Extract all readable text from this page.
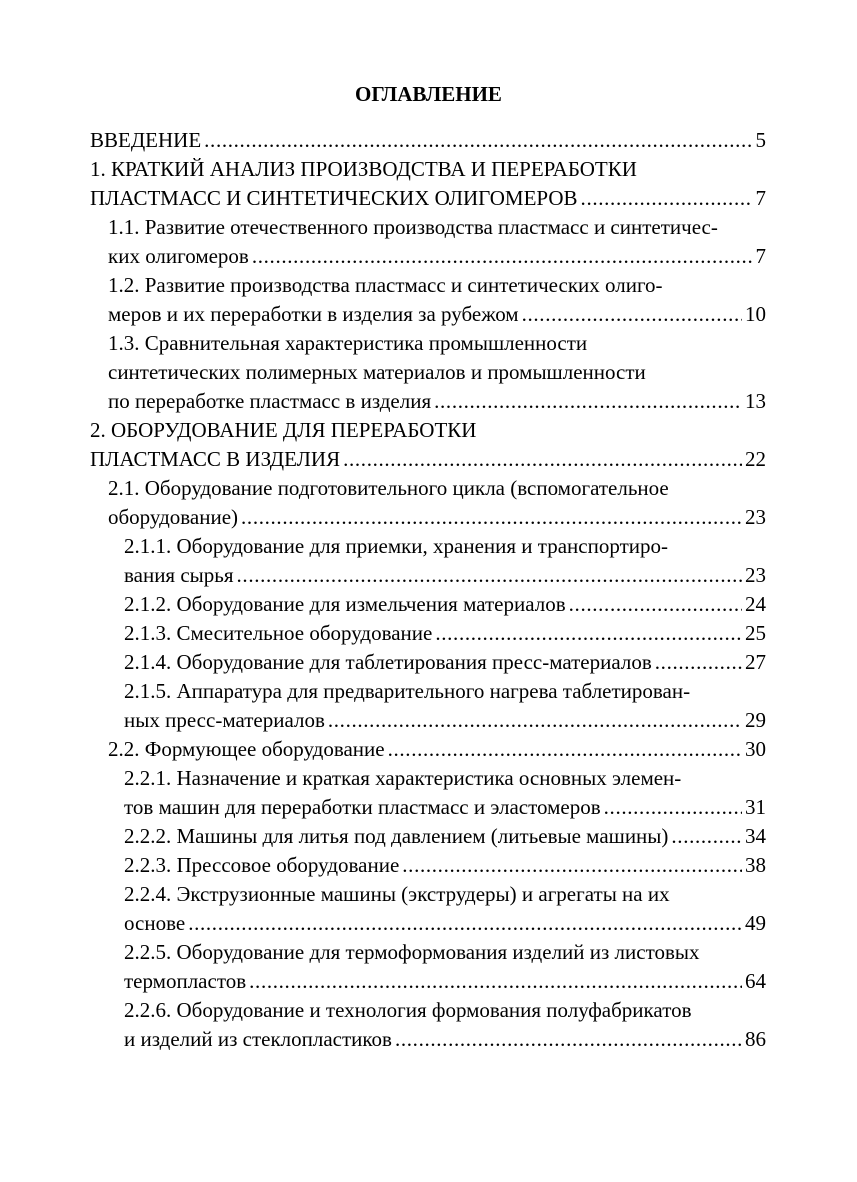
ОГЛАВЛЕНИЕ
ВВЕДЕНИЕ . . .	5
1. КРАТКИЙ АНАЛИЗ ПРОИЗВОДСТВА И ПЕРЕРАБОТКИ
ПЛАСТМАСС И СИНТЕТИЧЕСКИХ ОЛИГОМЕРОВ . . .	7
1.1. Развитие отечественного производства пластмасс и синтетичес-
ких олигомеров . . .	7
1.2. Развитие производства пластмасс и синтетических олиго-
меров и их переработки в изделия за рубежом . . .	10
1.3. Сравнительная характеристика промышленности
синтетических полимерных материалов и промышленности
по переработке пластмасс в изделия . . .	13
2. ОБОРУДОВАНИЕ ДЛЯ ПЕРЕРАБОТКИ
ПЛАСТМАСС В ИЗДЕЛИЯ . . .	22
2.1. Оборудование подготовительного цикла (вспомогательное
оборудование) . . .	23
2.1.1. Оборудование для приемки, хранения и транспортиро-
вания сырья . . .	23
2.1.2. Оборудование для измельчения материалов . . .	24
2.1.3. Смесительное оборудование . . .	25
2.1.4. Оборудование для таблетирования пресс-материалов . . .	27
2.1.5. Аппаратура для предварительного нагрева таблетирован-
ных пресс-материалов . . .	29
2.2. Формующее оборудование . . .	30
2.2.1. Назначение и краткая характеристика основных элемен-
тов машин для переработки пластмасс и эластомеров . . .	31
2.2.2. Машины для литья под давлением (литьевые машины) . . .	34
2.2.3. Прессовое оборудование . . .	38
2.2.4. Экструзионные машины (экструдеры) и агрегаты на их
основе . . .	49
2.2.5. Оборудование для термоформования изделий из листовых
термопластов . . .	64
2.2.6. Оборудование и технология формования полуфабрикатов
и изделий из стеклопластиков . . .	86
